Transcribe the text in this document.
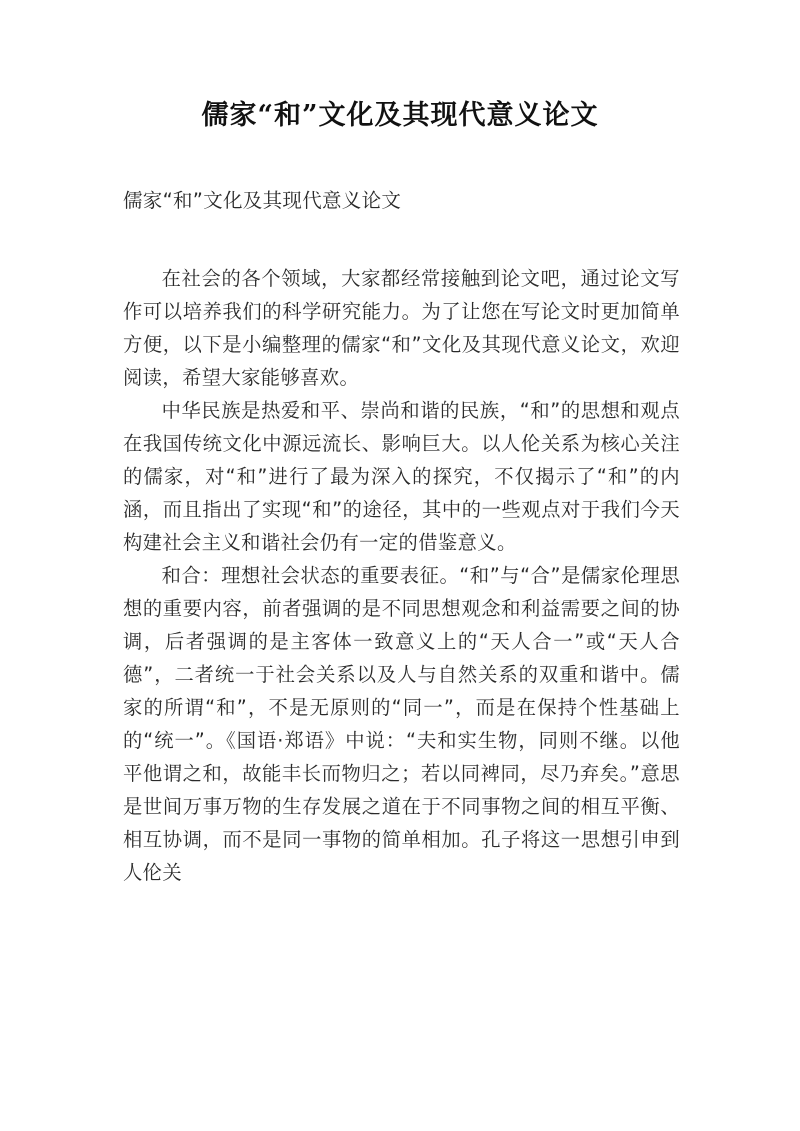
儒家“和”文化及其现代意义论文
儒家“和”文化及其现代意义论文

在社会的各个领域，大家都经常接触到论文吧，通过论文写作可以培养我们的科学研究能力。为了让您在写论文时更加简单方便，以下是小编整理的儒家“和”文化及其现代意义论文，欢迎阅读，希望大家能够喜欢。

中华民族是热爱和平、崇尚和谐的民族，“和”的思想和观点在我国传统文化中源远流长、影响巨大。以人伦关系为核心关注的儒家，对“和”进行了最为深入的探究，不仅揭示了“和”的内涵，而且指出了实现“和”的途径，其中的一些观点对于我们今天构建社会主义和谐社会仍有一定的借鉴意义。

和合：理想社会状态的重要表征。“和”与“合”是儒家伦理思想的重要内容，前者强调的是不同思想观念和利益需要之间的协调，后者强调的是主客体一致意义上的“天人合一”或“天人合德”，二者统一于社会关系以及人与自然关系的双重和谐中。儒家的所谓“和”，不是无原则的“同一”，而是在保持个性基础上的“统一”。《国语·郑语》中说：“夫和实生物，同则不继。以他平他谓之和，故能丰长而物归之；若以同裨同，尽乃弃矣。”意思是世间万事万物的生存发展之道在于不同事物之间的相互平衡、相互协调，而不是同一事物的简单相加。孔子将这一思想引申到人伦关
